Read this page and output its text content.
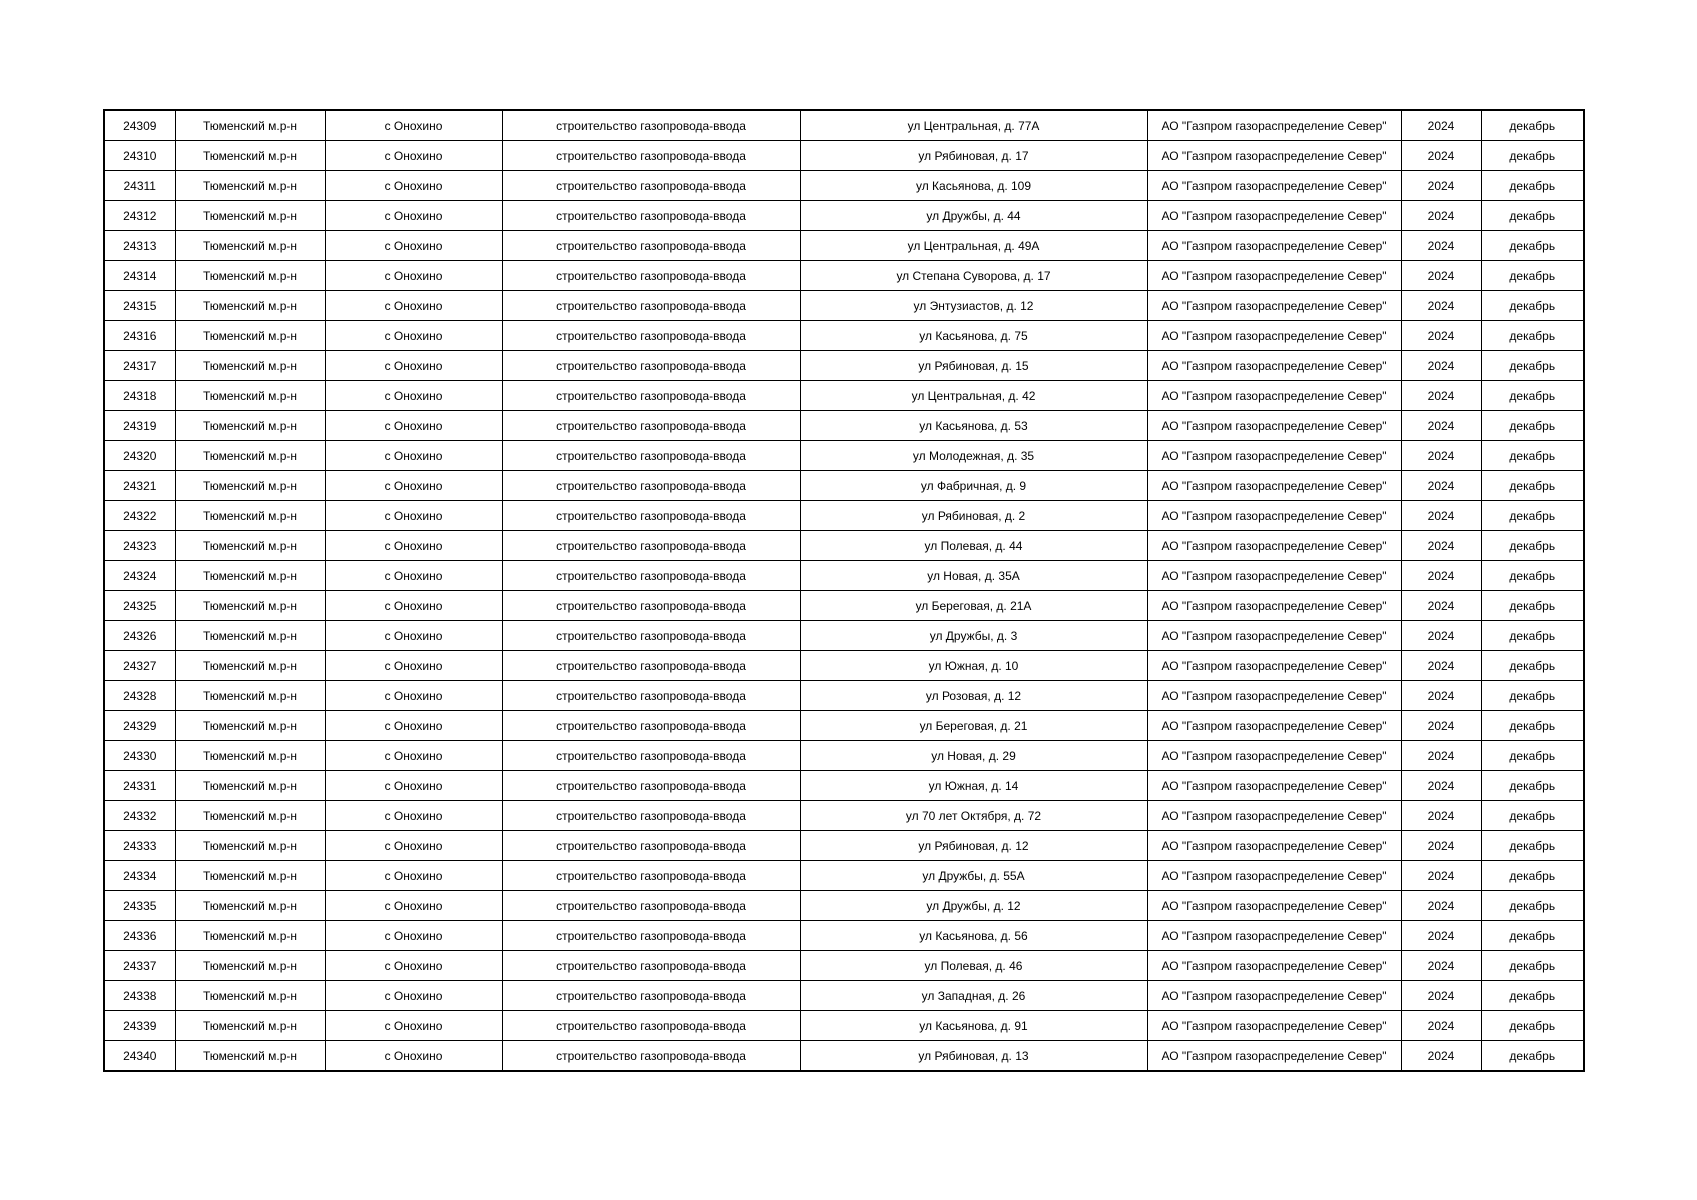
24309	Тюменский м.р-н	с Онохино	строительство газопровода-ввода	ул Центральная, д. 77А	АО "Газпром газораспределение Север"	2024	декабрь
24310	Тюменский м.р-н	с Онохино	строительство газопровода-ввода	ул Рябиновая, д. 17	АО "Газпром газораспределение Север"	2024	декабрь
24311	Тюменский м.р-н	с Онохино	строительство газопровода-ввода	ул Касьянова, д. 109	АО "Газпром газораспределение Север"	2024	декабрь
24312	Тюменский м.р-н	с Онохино	строительство газопровода-ввода	ул Дружбы, д. 44	АО "Газпром газораспределение Север"	2024	декабрь
24313	Тюменский м.р-н	с Онохино	строительство газопровода-ввода	ул Центральная, д. 49А	АО "Газпром газораспределение Север"	2024	декабрь
24314	Тюменский м.р-н	с Онохино	строительство газопровода-ввода	ул Степана Суворова, д. 17	АО "Газпром газораспределение Север"	2024	декабрь
24315	Тюменский м.р-н	с Онохино	строительство газопровода-ввода	ул Энтузиастов, д. 12	АО "Газпром газораспределение Север"	2024	декабрь
24316	Тюменский м.р-н	с Онохино	строительство газопровода-ввода	ул Касьянова, д. 75	АО "Газпром газораспределение Север"	2024	декабрь
24317	Тюменский м.р-н	с Онохино	строительство газопровода-ввода	ул Рябиновая, д. 15	АО "Газпром газораспределение Север"	2024	декабрь
24318	Тюменский м.р-н	с Онохино	строительство газопровода-ввода	ул Центральная, д. 42	АО "Газпром газораспределение Север"	2024	декабрь
24319	Тюменский м.р-н	с Онохино	строительство газопровода-ввода	ул Касьянова, д. 53	АО "Газпром газораспределение Север"	2024	декабрь
24320	Тюменский м.р-н	с Онохино	строительство газопровода-ввода	ул Молодежная, д. 35	АО "Газпром газораспределение Север"	2024	декабрь
24321	Тюменский м.р-н	с Онохино	строительство газопровода-ввода	ул Фабричная, д. 9	АО "Газпром газораспределение Север"	2024	декабрь
24322	Тюменский м.р-н	с Онохино	строительство газопровода-ввода	ул Рябиновая, д. 2	АО "Газпром газораспределение Север"	2024	декабрь
24323	Тюменский м.р-н	с Онохино	строительство газопровода-ввода	ул Полевая, д. 44	АО "Газпром газораспределение Север"	2024	декабрь
24324	Тюменский м.р-н	с Онохино	строительство газопровода-ввода	ул Новая, д. 35А	АО "Газпром газораспределение Север"	2024	декабрь
24325	Тюменский м.р-н	с Онохино	строительство газопровода-ввода	ул Береговая, д. 21А	АО "Газпром газораспределение Север"	2024	декабрь
24326	Тюменский м.р-н	с Онохино	строительство газопровода-ввода	ул Дружбы, д. 3	АО "Газпром газораспределение Север"	2024	декабрь
24327	Тюменский м.р-н	с Онохино	строительство газопровода-ввода	ул Южная, д. 10	АО "Газпром газораспределение Север"	2024	декабрь
24328	Тюменский м.р-н	с Онохино	строительство газопровода-ввода	ул Розовая, д. 12	АО "Газпром газораспределение Север"	2024	декабрь
24329	Тюменский м.р-н	с Онохино	строительство газопровода-ввода	ул Береговая, д. 21	АО "Газпром газораспределение Север"	2024	декабрь
24330	Тюменский м.р-н	с Онохино	строительство газопровода-ввода	ул Новая, д. 29	АО "Газпром газораспределение Север"	2024	декабрь
24331	Тюменский м.р-н	с Онохино	строительство газопровода-ввода	ул Южная, д. 14	АО "Газпром газораспределение Север"	2024	декабрь
24332	Тюменский м.р-н	с Онохино	строительство газопровода-ввода	ул 70 лет Октября, д. 72	АО "Газпром газораспределение Север"	2024	декабрь
24333	Тюменский м.р-н	с Онохино	строительство газопровода-ввода	ул Рябиновая, д. 12	АО "Газпром газораспределение Север"	2024	декабрь
24334	Тюменский м.р-н	с Онохино	строительство газопровода-ввода	ул Дружбы, д. 55А	АО "Газпром газораспределение Север"	2024	декабрь
24335	Тюменский м.р-н	с Онохино	строительство газопровода-ввода	ул Дружбы, д. 12	АО "Газпром газораспределение Север"	2024	декабрь
24336	Тюменский м.р-н	с Онохино	строительство газопровода-ввода	ул Касьянова, д. 56	АО "Газпром газораспределение Север"	2024	декабрь
24337	Тюменский м.р-н	с Онохино	строительство газопровода-ввода	ул Полевая, д. 46	АО "Газпром газораспределение Север"	2024	декабрь
24338	Тюменский м.р-н	с Онохино	строительство газопровода-ввода	ул Западная, д. 26	АО "Газпром газораспределение Север"	2024	декабрь
24339	Тюменский м.р-н	с Онохино	строительство газопровода-ввода	ул Касьянова, д. 91	АО "Газпром газораспределение Север"	2024	декабрь
24340	Тюменский м.р-н	с Онохино	строительство газопровода-ввода	ул Рябиновая, д. 13	АО "Газпром газораспределение Север"	2024	декабрь
